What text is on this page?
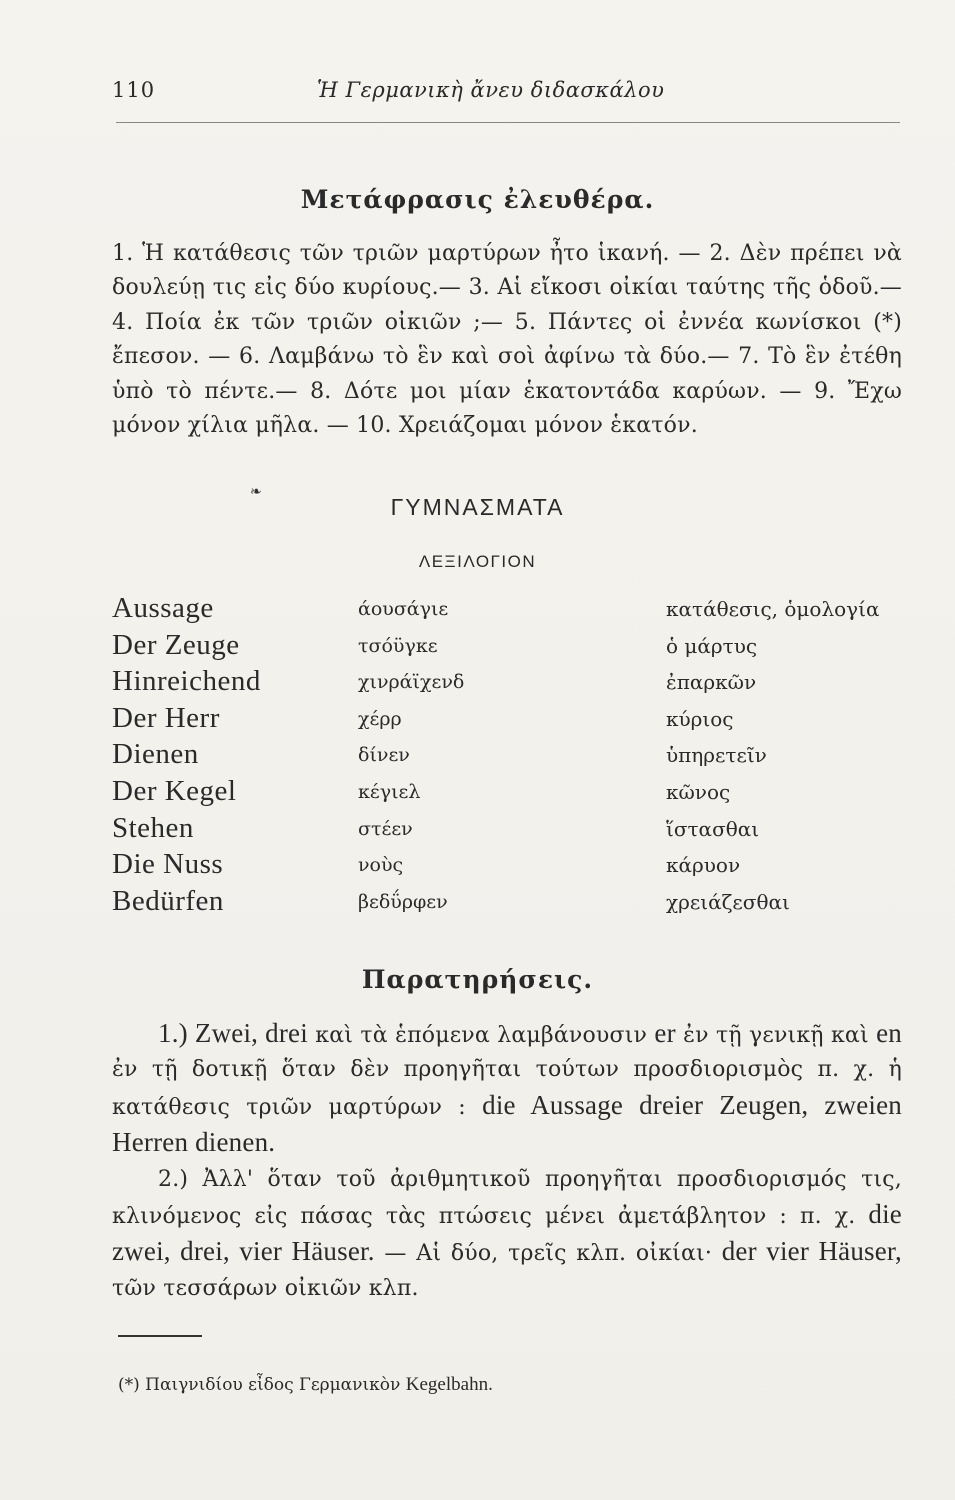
110	Ἡ Γερμανικὴ ἄνευ διδασκάλου
Μετάφρασις ἐλευθέρα.
1. Ἡ κατάθεσις τῶν τριῶν μαρτύρων ἦτο ἱκανή. — 2. Δὲν πρέπει νὰ δουλεύῃ τις εἰς δύο κυρίους.— 3. Αἱ εἴκοσι οἰκίαι ταύτης τῆς ὁδοῦ.— 4. Ποία ἐκ τῶν τριῶν οἰκιῶν ;— 5. Πάντες οἱ ἐννέα κωνίσκοι (*) ἔπεσον. — 6. Λαμβάνω τὸ ἓν καὶ σοὶ ἀφίνω τὰ δύο.— 7. Τὸ ἓν ἐτέθη ὑπὸ τὸ πέντε.— 8. Δότε μοι μίαν ἑκατοντάδα καρύων. — 9. Ἔχω μόνον χίλια μῆλα. — 10. Χρειάζομαι μόνον ἑκατόν.
❧
ΓΥΜΝΑΣΜΑΤΑ
ΛΕΞΙΛΟΓΙΟΝ
Aussage	άουσάγιε	κατάθεσις, ὁμολογία
Der Zeuge	τσόϋγκε	ὁ μάρτυς
Hinreichend	χινράϊχενδ	ἐπαρκῶν
Der Herr	χέρρ	κύριος
Dienen	δίνεν	ὑπηρετεῖν
Der Kegel	κέγιελ	κῶνος
Stehen	στέεν	ἵστασθαι
Die Nuss	νοὺς	κάρυον
Bedürfen	βεδΰρφεν	χρειάζεσθαι
Παρατηρήσεις.
1.) Zwei, drei καὶ τὰ ἑπόμενα λαμβάνουσιν er ἐν τῇ γενικῇ καὶ en ἐν τῇ δοτικῇ ὅταν δὲν προηγῆται τούτων προσδιορισμὸς π. χ. ἡ κατάθεσις τριῶν μαρτύρων : die Aussage dreier Zeugen, zweien Herren dienen.
2.) Ἀλλ' ὅταν τοῦ ἀριθμητικοῦ προηγῆται προσδιορισμός τις, κλινόμενος εἰς πάσας τὰς πτώσεις μένει ἀμετάβλητον : π. χ. die zwei, drei, vier Häuser. — Αἱ δύο, τρεῖς κλπ. οἰκίαι· der vier Häuser, τῶν τεσσάρων οἰκιῶν κλπ.
(*) Παιγνιδίου εἶδος Γερμανικὸν Kegelbahn.
